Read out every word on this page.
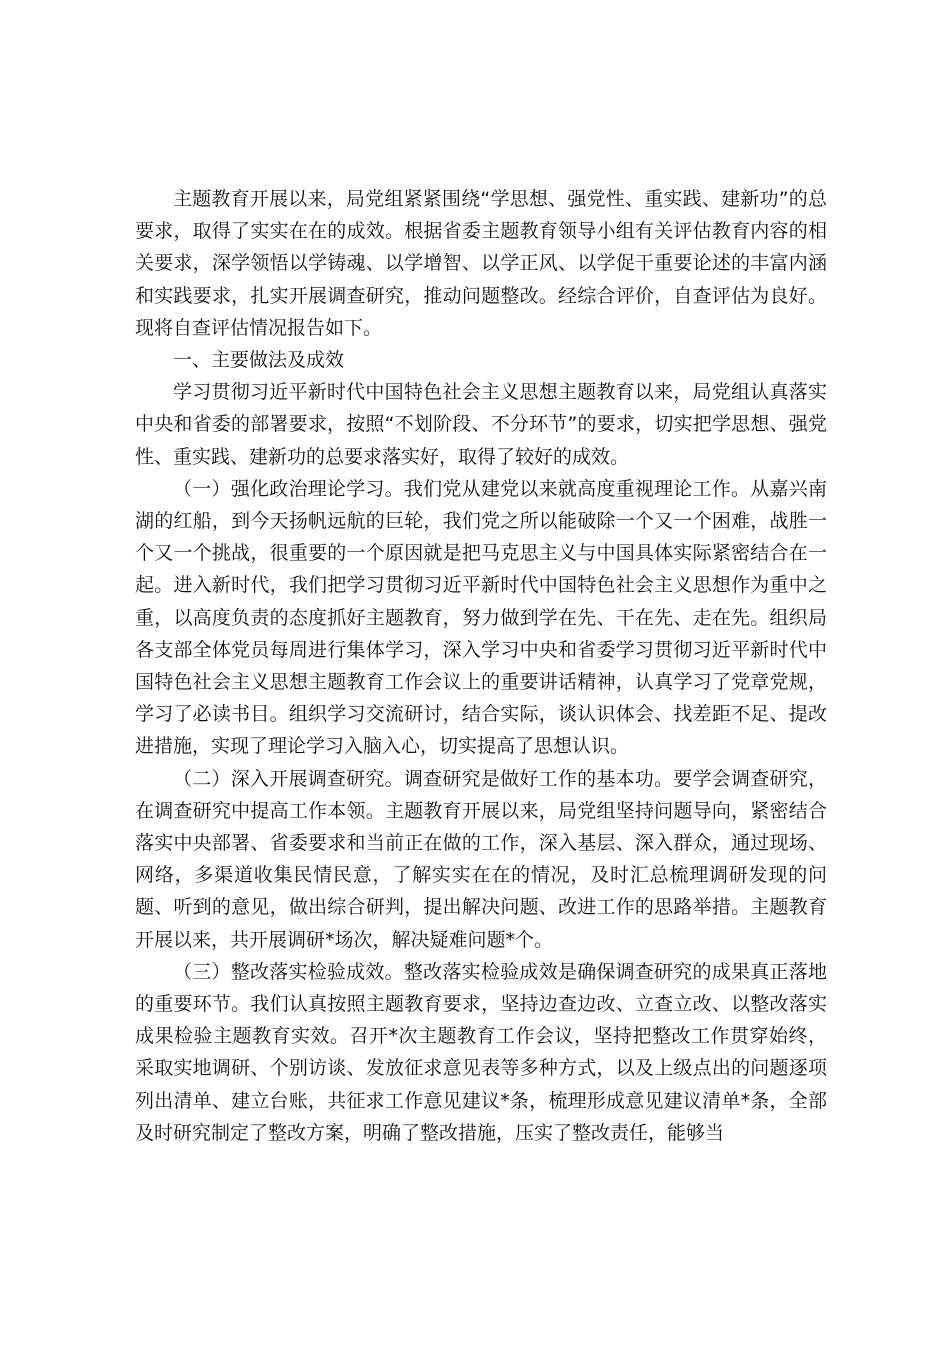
主题教育开展以来，局党组紧紧围绕“学思想、强党性、重实践、建新功”的总要求，取得了实实在在的成效。根据省委主题教育领导小组有关评估教育内容的相关要求，深学领悟以学铸魂、以学增智、以学正风、以学促干重要论述的丰富内涵和实践要求，扎实开展调查研究，推动问题整改。经综合评价，自查评估为良好。现将自查评估情况报告如下。

一、主要做法及成效

学习贯彻习近平新时代中国特色社会主义思想主题教育以来，局党组认真落实中央和省委的部署要求，按照“不划阶段、不分环节”的要求，切实把学思想、强党性、重实践、建新功的总要求落实好，取得了较好的成效。

（一）强化政治理论学习。我们党从建党以来就高度重视理论工作。从嘉兴南湖的红船，到今天扬帆远航的巨轮，我们党之所以能破除一个又一个困难，战胜一个又一个挑战，很重要的一个原因就是把马克思主义与中国具体实际紧密结合在一起。进入新时代，我们把学习贯彻习近平新时代中国特色社会主义思想作为重中之重，以高度负责的态度抓好主题教育，努力做到学在先、干在先、走在先。组织局各支部全体党员每周进行集体学习，深入学习中央和省委学习贯彻习近平新时代中国特色社会主义思想主题教育工作会议上的重要讲话精神，认真学习了党章党规，学习了必读书目。组织学习交流研讨，结合实际，谈认识体会、找差距不足、提改进措施，实现了理论学习入脑入心，切实提高了思想认识。

（二）深入开展调查研究。调查研究是做好工作的基本功。要学会调查研究，在调查研究中提高工作本领。主题教育开展以来，局党组坚持问题导向，紧密结合落实中央部署、省委要求和当前正在做的工作，深入基层、深入群众，通过现场、网络，多渠道收集民情民意，了解实实在在的情况，及时汇总梳理调研发现的问题、听到的意见，做出综合研判，提出解决问题、改进工作的思路举措。主题教育开展以来，共开展调研*场次，解决疑难问题*个。

（三）整改落实检验成效。整改落实检验成效是确保调查研究的成果真正落地的重要环节。我们认真按照主题教育要求，坚持边查边改、立查立改、以整改落实成果检验主题教育实效。召开*次主题教育工作会议，坚持把整改工作贯穿始终，采取实地调研、个别访谈、发放征求意见表等多种方式，以及上级点出的问题逐项列出清单、建立台账，共征求工作意见建议*条，梳理形成意见建议清单*条，全部及时研究制定了整改方案，明确了整改措施，压实了整改责任，能够当
